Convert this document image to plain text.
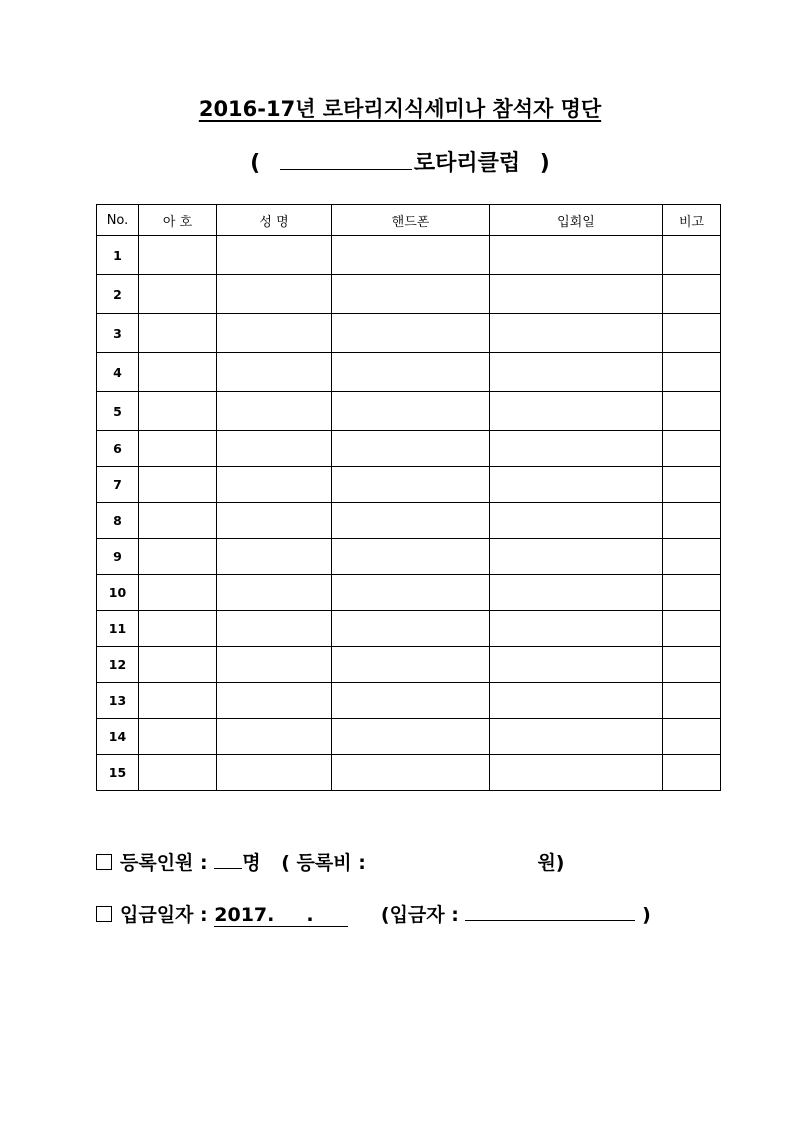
2016-17년 로타리지식세미나 참석자 명단
(	로타리클럽 )
No.	아 호	성 명	핸드폰	입회일	비고
1					
2					
3					
4					
5					
6					
7					
8					
9					
10					
11					
12					
13					
14					
15					
등록인원 : 명 ( 등록비 :	원)
입금일자 : 2017. .	(입금자 :	)
